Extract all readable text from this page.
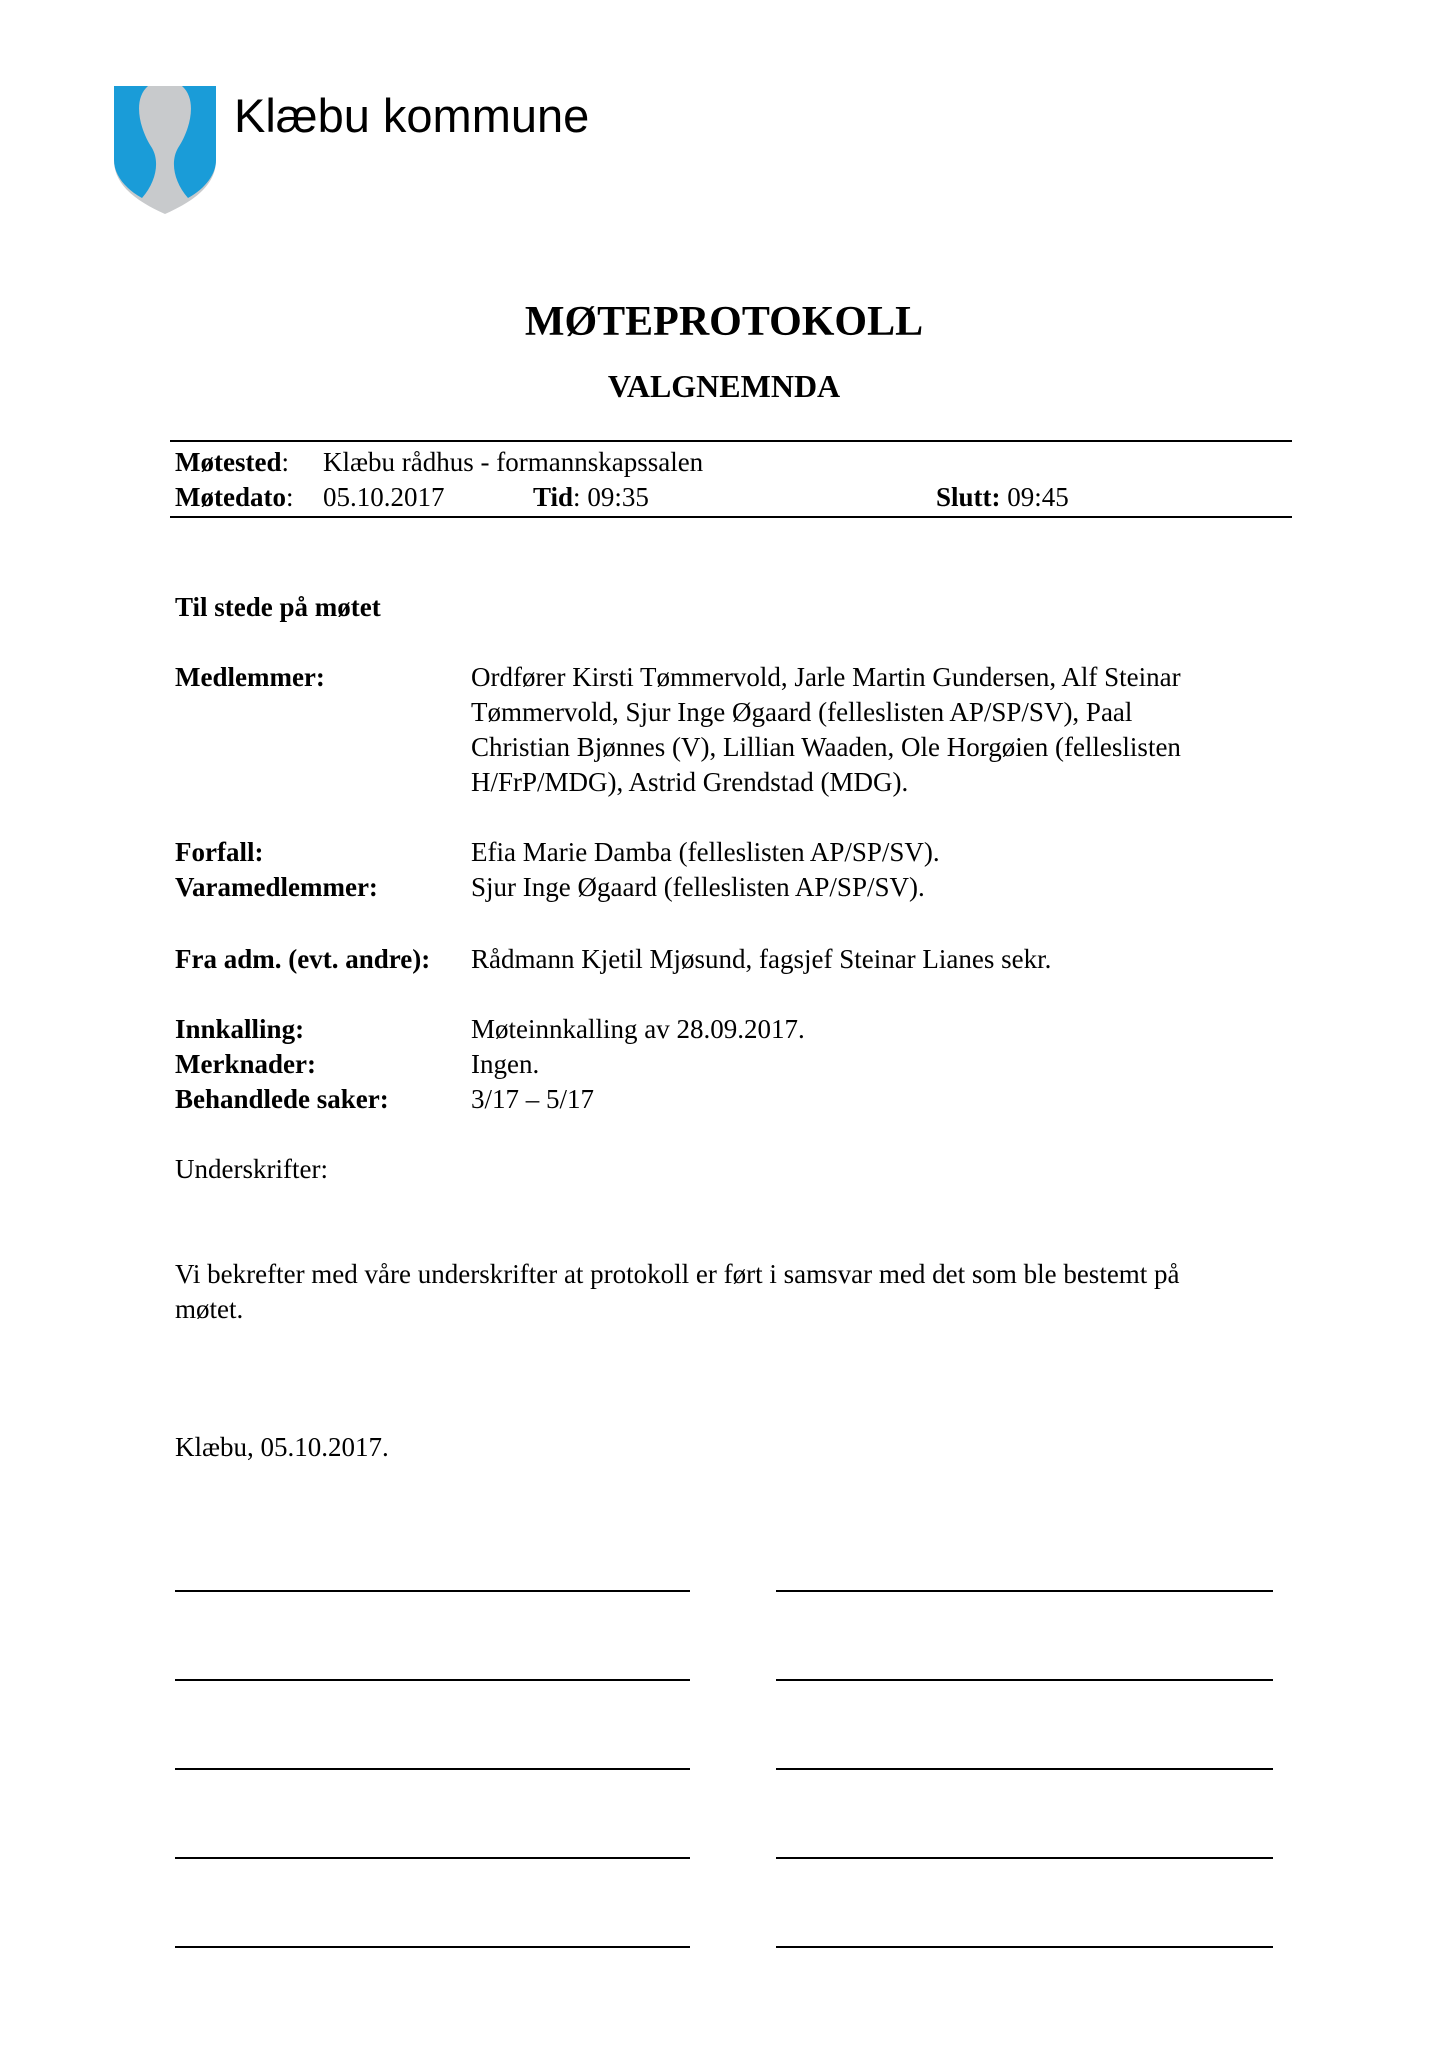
Klæbu kommune
MØTEPROTOKOLL
VALGNEMNDA
Møtested: Klæbu rådhus - formannskapssalen
Møtedato: 05.10.2017	Tid: 09:35	Slutt: 09:45
Til stede på møtet
Medlemmer:	Ordfører Kirsti Tømmervold, Jarle Martin Gundersen, Alf Steinar
Tømmervold, Sjur Inge Øgaard (felleslisten AP/SP/SV), Paal
Christian Bjønnes (V), Lillian Waaden, Ole Horgøien (felleslisten
H/FrP/MDG), Astrid Grendstad (MDG).
Forfall:	Efia Marie Damba (felleslisten AP/SP/SV).
Varamedlemmer:	Sjur Inge Øgaard (felleslisten AP/SP/SV).
Fra adm. (evt. andre): Rådmann Kjetil Mjøsund, fagsjef Steinar Lianes sekr.
Innkalling:	Møteinnkalling av 28.09.2017.
Merknader:	Ingen.
Behandlede saker:	3/17 – 5/17
Underskrifter:
Vi bekrefter med våre underskrifter at protokoll er ført i samsvar med det som ble bestemt på
møtet.
Klæbu, 05.10.2017.
